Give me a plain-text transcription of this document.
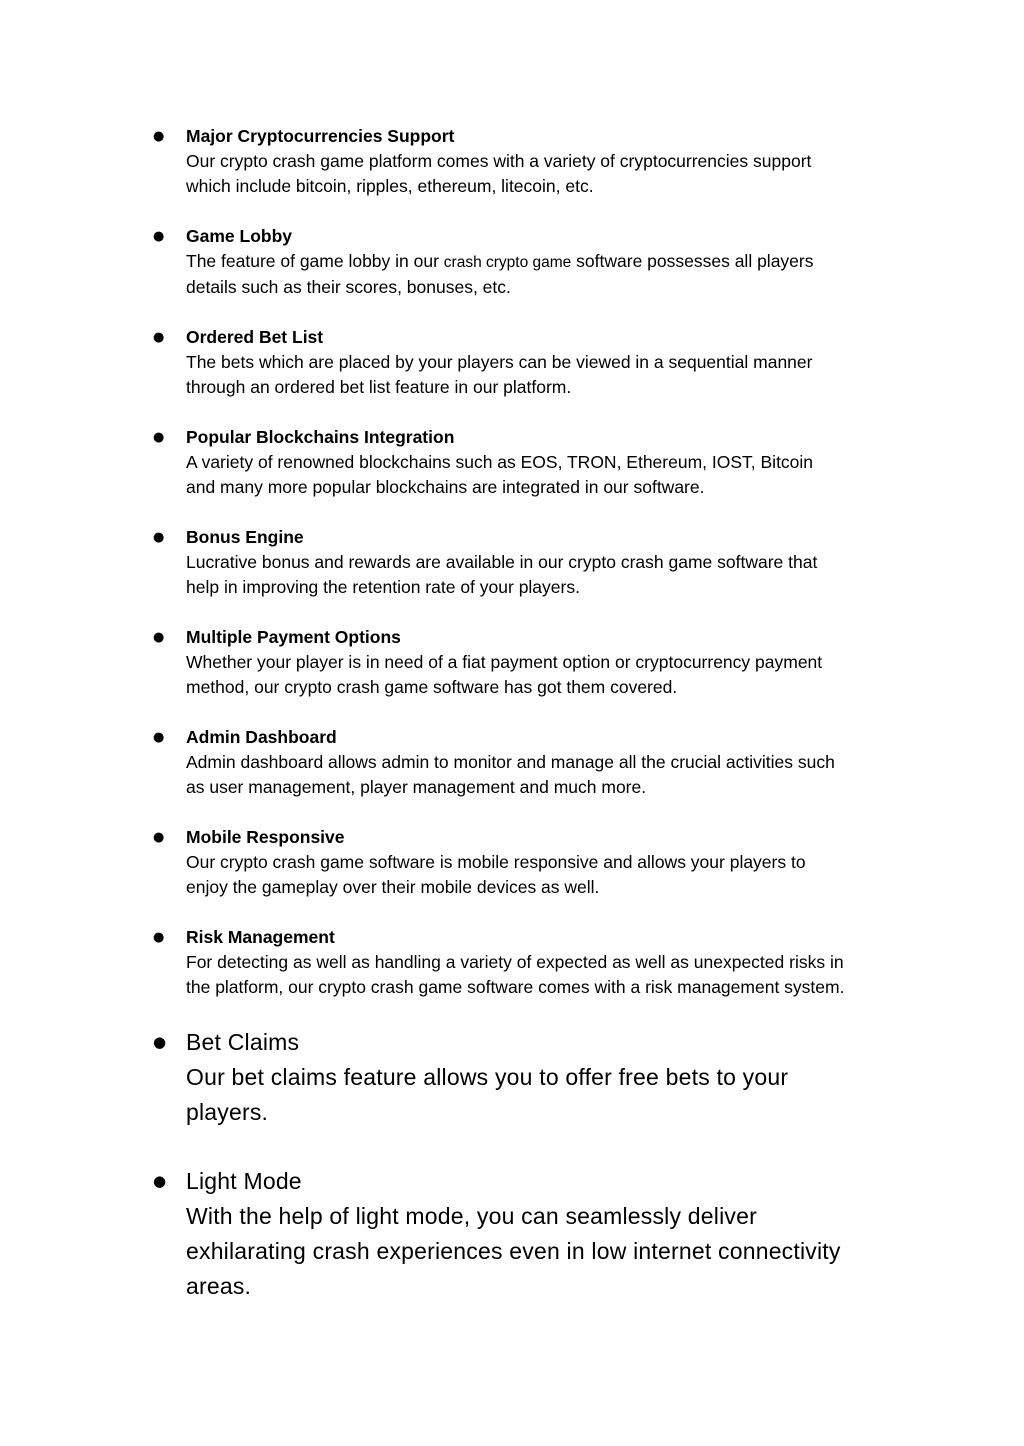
● Major Cryptocurrencies Support
Our crypto crash game platform comes with a variety of cryptocurrencies support
which include bitcoin, ripples, ethereum, litecoin, etc.
● Game Lobby
The feature of game lobby in our crash crypto game software possesses all players
details such as their scores, bonuses, etc.
● Ordered Bet List
The bets which are placed by your players can be viewed in a sequential manner
through an ordered bet list feature in our platform.
● Popular Blockchains Integration
A variety of renowned blockchains such as EOS, TRON, Ethereum, IOST, Bitcoin
and many more popular blockchains are integrated in our software.
● Bonus Engine
Lucrative bonus and rewards are available in our crypto crash game software that
help in improving the retention rate of your players.
● Multiple Payment Options
Whether your player is in need of a fiat payment option or cryptocurrency payment
method, our crypto crash game software has got them covered.
● Admin Dashboard
Admin dashboard allows admin to monitor and manage all the crucial activities such
as user management, player management and much more.
● Mobile Responsive
Our crypto crash game software is mobile responsive and allows your players to
enjoy the gameplay over their mobile devices as well.
● Risk Management
For detecting as well as handling a variety of expected as well as unexpected risks in
the platform, our crypto crash game software comes with a risk management system.
● Bet Claims
Our bet claims feature allows you to offer free bets to your
players.
● Light Mode
With the help of light mode, you can seamlessly deliver
exhilarating crash experiences even in low internet connectivity
areas.
